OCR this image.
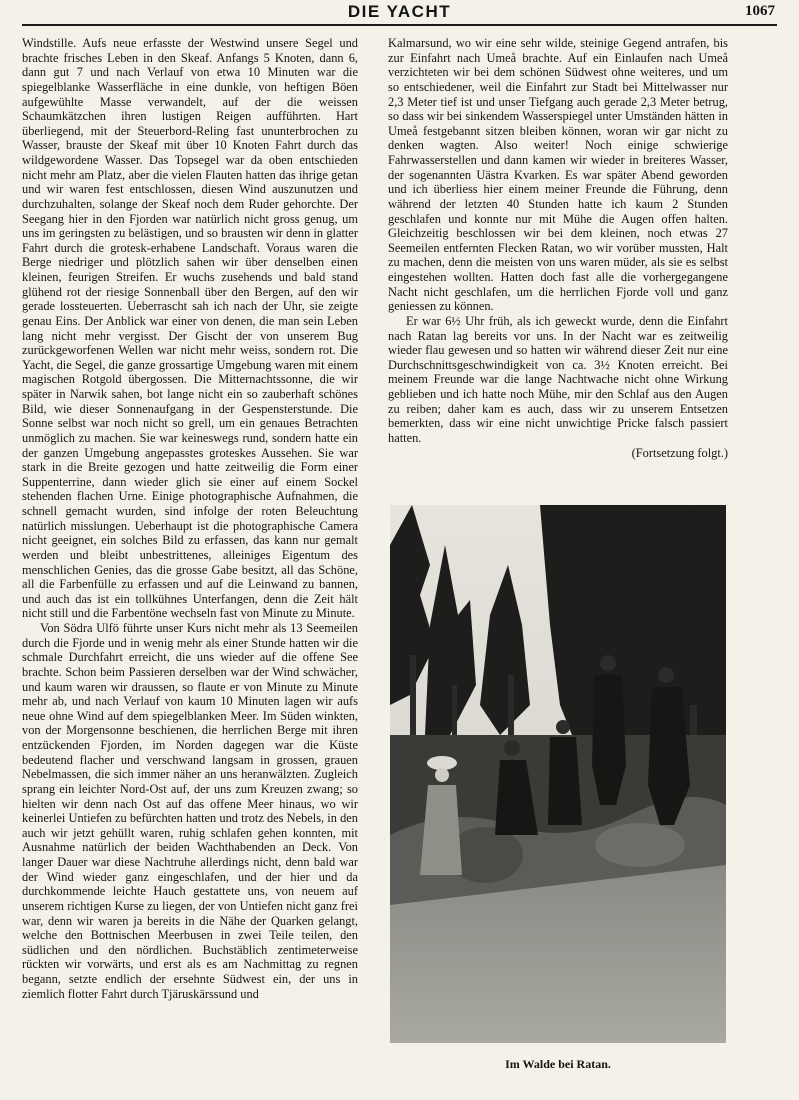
DIE YACHT	1067

Windstille. Aufs neue erfasste der Westwind unsere Segel und brachte frisches Leben in den Skeaf. Anfangs 5 Knoten, dann 6, dann gut 7 und nach Verlauf von etwa 10 Minuten war die spiegelblanke Wasserfläche in eine dunkle, von heftigen Böen aufgewühlte Masse verwandelt, auf der die weissen Schaumkätzchen ihren lustigen Reigen aufführten. Hart überliegend, mit der Steuerbord-Reling fast ununterbrochen zu Wasser, brauste der Skeaf mit über 10 Knoten Fahrt durch das wildgewordene Wasser. Das Topsegel war da oben entschieden nicht mehr am Platz, aber die vielen Flauten hatten das ihrige getan und wir waren fest entschlossen, diesen Wind auszunutzen und durchzuhalten, solange der Skeaf noch dem Ruder gehorchte. Der Seegang hier in den Fjorden war natürlich nicht gross genug, um uns im geringsten zu belästigen, und so brausten wir denn in glatter Fahrt durch die grotesk-erhabene Landschaft. Voraus waren die Berge niedriger und plötzlich sahen wir über denselben einen kleinen, feurigen Streifen. Er wuchs zusehends und bald stand glühend rot der riesige Sonnenball über den Bergen, auf den wir gerade lossteuerten. Ueberrascht sah ich nach der Uhr, sie zeigte genau Eins. Der Anblick war einer von denen, die man sein Leben lang nicht mehr vergisst. Der Gischt der von unserem Bug zurückgeworfenen Wellen war nicht mehr weiss, sondern rot. Die Yacht, die Segel, die ganze grossartige Umgebung waren mit einem magischen Rotgold übergossen. Die Mitternachtssonne, die wir später in Narwik sahen, bot lange nicht ein so zauberhaft schönes Bild, wie dieser Sonnenaufgang in der Gespensterstunde. Die Sonne selbst war noch nicht so grell, um ein genaues Betrachten unmöglich zu machen. Sie war keineswegs rund, sondern hatte ein der ganzen Umgebung angepasstes groteskes Aussehen. Sie war stark in die Breite gezogen und hatte zeitweilig die Form einer Suppenterrine, dann wieder glich sie einer auf einem Sockel stehenden flachen Urne. Einige photographische Aufnahmen, die schnell gemacht wurden, sind infolge der roten Beleuchtung natürlich misslungen. Ueberhaupt ist die photographische Camera nicht geeignet, ein solches Bild zu erfassen, das kann nur gemalt werden und bleibt unbestrittenes, alleiniges Eigentum des menschlichen Genies, das die grosse Gabe besitzt, all das Schöne, all die Farbenfülle zu erfassen und auf die Leinwand zu bannen, und auch das ist ein tollkühnes Unterfangen, denn die Zeit hält nicht still und die Farbentöne wechseln fast von Minute zu Minute.

Von Södra Ulfö führte unser Kurs nicht mehr als 13 Seemeilen durch die Fjorde und in wenig mehr als einer Stunde hatten wir die schmale Durchfahrt erreicht, die uns wieder auf die offene See brachte. Schon beim Passieren derselben war der Wind schwächer, und kaum waren wir draussen, so flaute er von Minute zu Minute mehr ab, und nach Verlauf von kaum 10 Minuten lagen wir aufs neue ohne Wind auf dem spiegelblanken Meer. Im Süden winkten, von der Morgensonne beschienen, die herrlichen Berge mit ihren entzückenden Fjorden, im Norden dagegen war die Küste bedeutend flacher und verschwand langsam in grossen, grauen Nebelmassen, die sich immer näher an uns heranwälzten. Zugleich sprang ein leichter Nord-Ost auf, der uns zum Kreuzen zwang; so hielten wir denn nach Ost auf das offene Meer hinaus, wo wir keinerlei Untiefen zu befürchten hatten und trotz des Nebels, in den auch wir jetzt gehüllt waren, ruhig schlafen gehen konnten, mit Ausnahme natürlich der beiden Wachthabenden an Deck. Von langer Dauer war diese Nachtruhe allerdings nicht, denn bald war der Wind wieder ganz eingeschlafen, und der hier und da durchkommende leichte Hauch gestattete uns, von neuem auf unserem richtigen Kurse zu liegen, der von Untiefen nicht ganz frei war, denn wir waren ja bereits in die Nähe der Quarken gelangt, welche den Bottnischen Meerbusen in zwei Teile teilen, den südlichen und den nördlichen. Buchstäblich zentimeterweise rückten wir vorwärts, und erst als es am Nachmittag zu regnen begann, setzte endlich der ersehnte Südwest ein, der uns in ziemlich flotter Fahrt durch Tjäruskärssund und

Kalmarsund, wo wir eine sehr wilde, steinige Gegend antrafen, bis zur Einfahrt nach Umeå brachte. Auf ein Einlaufen nach Umeå verzichteten wir bei dem schönen Südwest ohne weiteres, und um so entschiedener, weil die Einfahrt zur Stadt bei Mittelwasser nur 2,3 Meter tief ist und unser Tiefgang auch gerade 2,3 Meter betrug, so dass wir bei sinkendem Wasserspiegel unter Umständen hätten in Umeå festgebannt sitzen bleiben können, woran wir gar nicht zu denken wagten. Also weiter! Noch einige schwierige Fahrwasserstellen und dann kamen wir wieder in breiteres Wasser, der sogenannten Uästra Kvarken. Es war später Abend geworden und ich überliess hier einem meiner Freunde die Führung, denn während der letzten 40 Stunden hatte ich kaum 2 Stunden geschlafen und konnte nur mit Mühe die Augen offen halten. Gleichzeitig beschlossen wir bei dem kleinen, noch etwas 27 Seemeilen entfernten Flecken Ratan, wo wir vorüber mussten, Halt zu machen, denn die meisten von uns waren müder, als sie es selbst eingestehen wollten. Hatten doch fast alle die vorhergegangene Nacht nicht geschlafen, um die herrlichen Fjorde voll und ganz geniessen zu können.

Er war 6½ Uhr früh, als ich geweckt wurde, denn die Einfahrt nach Ratan lag bereits vor uns. In der Nacht war es zeitweilig wieder flau gewesen und so hatten wir während dieser Zeit nur eine Durchschnittsgeschwindigkeit von ca. 3½ Knoten erreicht. Bei meinem Freunde war die lange Nachtwache nicht ohne Wirkung geblieben und ich hatte noch Mühe, mir den Schlaf aus den Augen zu reiben; daher kam es auch, dass wir zu unserem Entsetzen bemerkten, dass wir eine nicht unwichtige Pricke falsch passiert hatten.

(Fortsetzung folgt.)

Im Walde bei Ratan.
